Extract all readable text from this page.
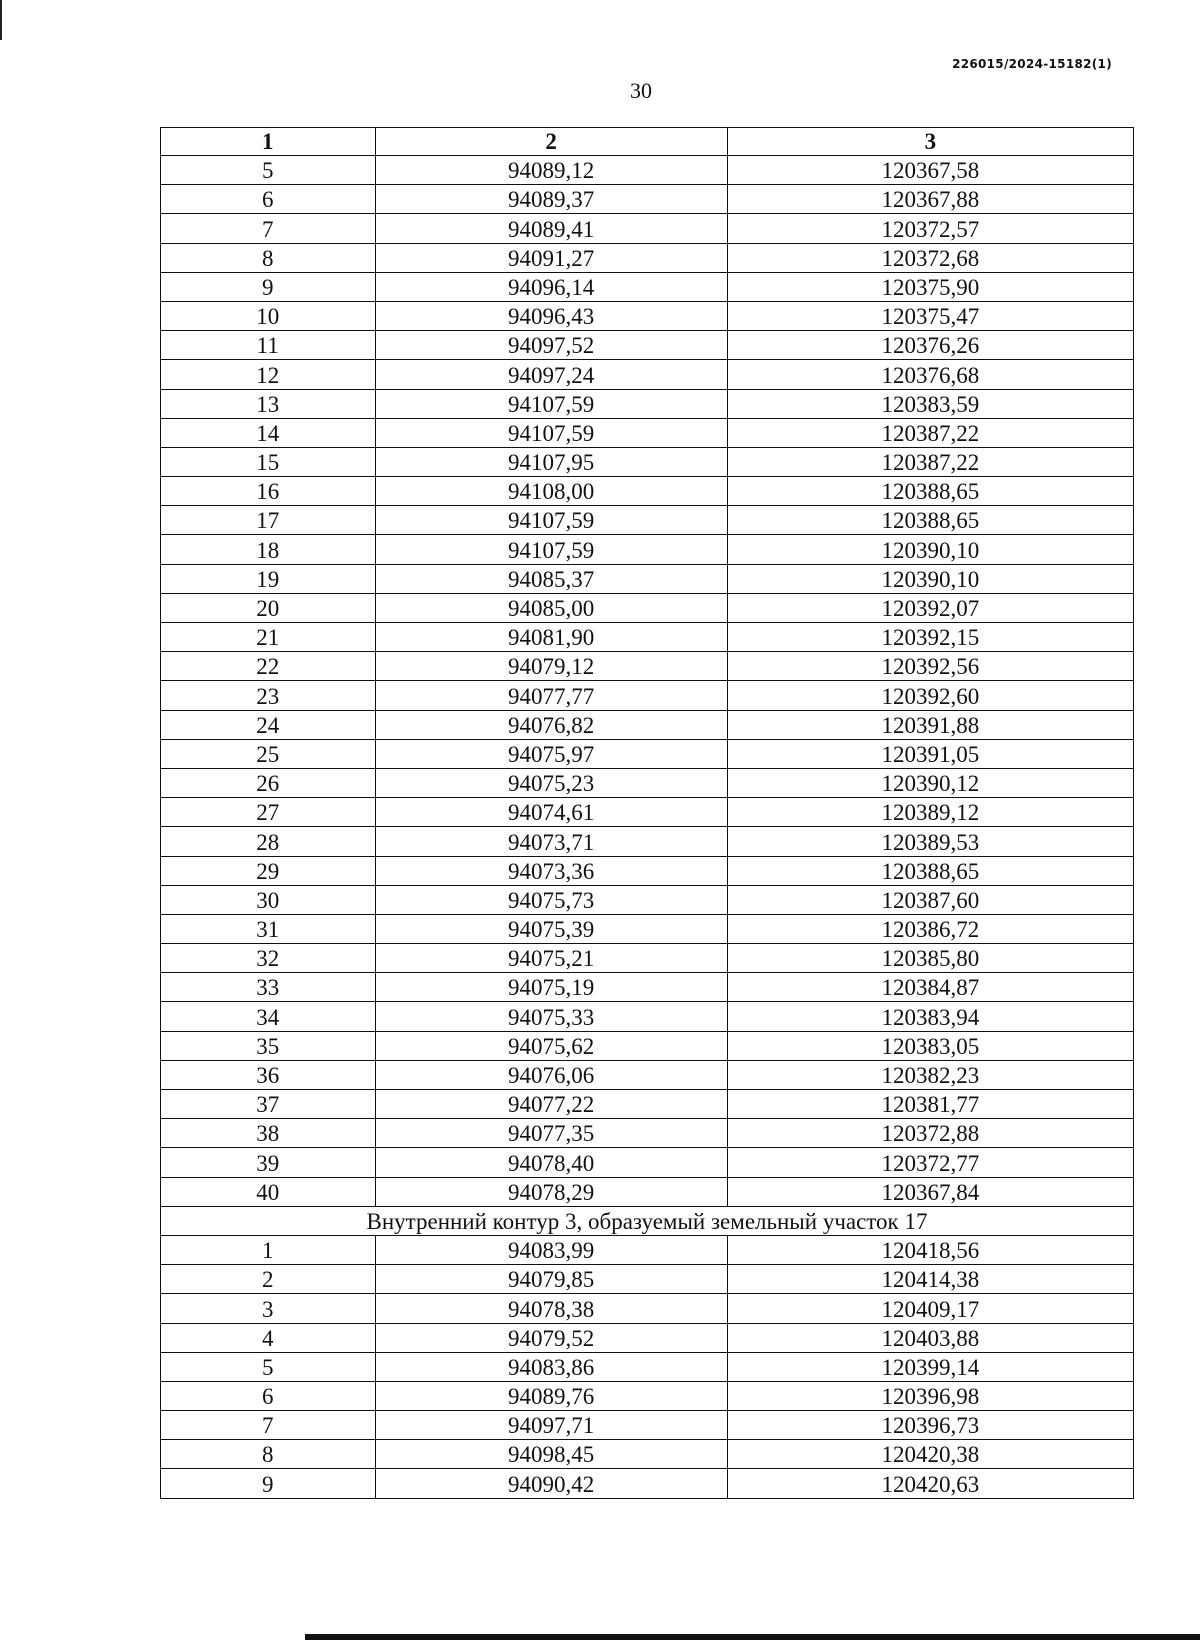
226015/2024-15182(1)
30
1	2	3
5	94089,12	120367,58
6	94089,37	120367,88
7	94089,41	120372,57
8	94091,27	120372,68
9	94096,14	120375,90
10	94096,43	120375,47
11	94097,52	120376,26
12	94097,24	120376,68
13	94107,59	120383,59
14	94107,59	120387,22
15	94107,95	120387,22
16	94108,00	120388,65
17	94107,59	120388,65
18	94107,59	120390,10
19	94085,37	120390,10
20	94085,00	120392,07
21	94081,90	120392,15
22	94079,12	120392,56
23	94077,77	120392,60
24	94076,82	120391,88
25	94075,97	120391,05
26	94075,23	120390,12
27	94074,61	120389,12
28	94073,71	120389,53
29	94073,36	120388,65
30	94075,73	120387,60
31	94075,39	120386,72
32	94075,21	120385,80
33	94075,19	120384,87
34	94075,33	120383,94
35	94075,62	120383,05
36	94076,06	120382,23
37	94077,22	120381,77
38	94077,35	120372,88
39	94078,40	120372,77
40	94078,29	120367,84
Внутренний контур 3, образуемый земельный участок 17		
1	94083,99	120418,56
2	94079,85	120414,38
3	94078,38	120409,17
4	94079,52	120403,88
5	94083,86	120399,14
6	94089,76	120396,98
7	94097,71	120396,73
8	94098,45	120420,38
9	94090,42	120420,63
